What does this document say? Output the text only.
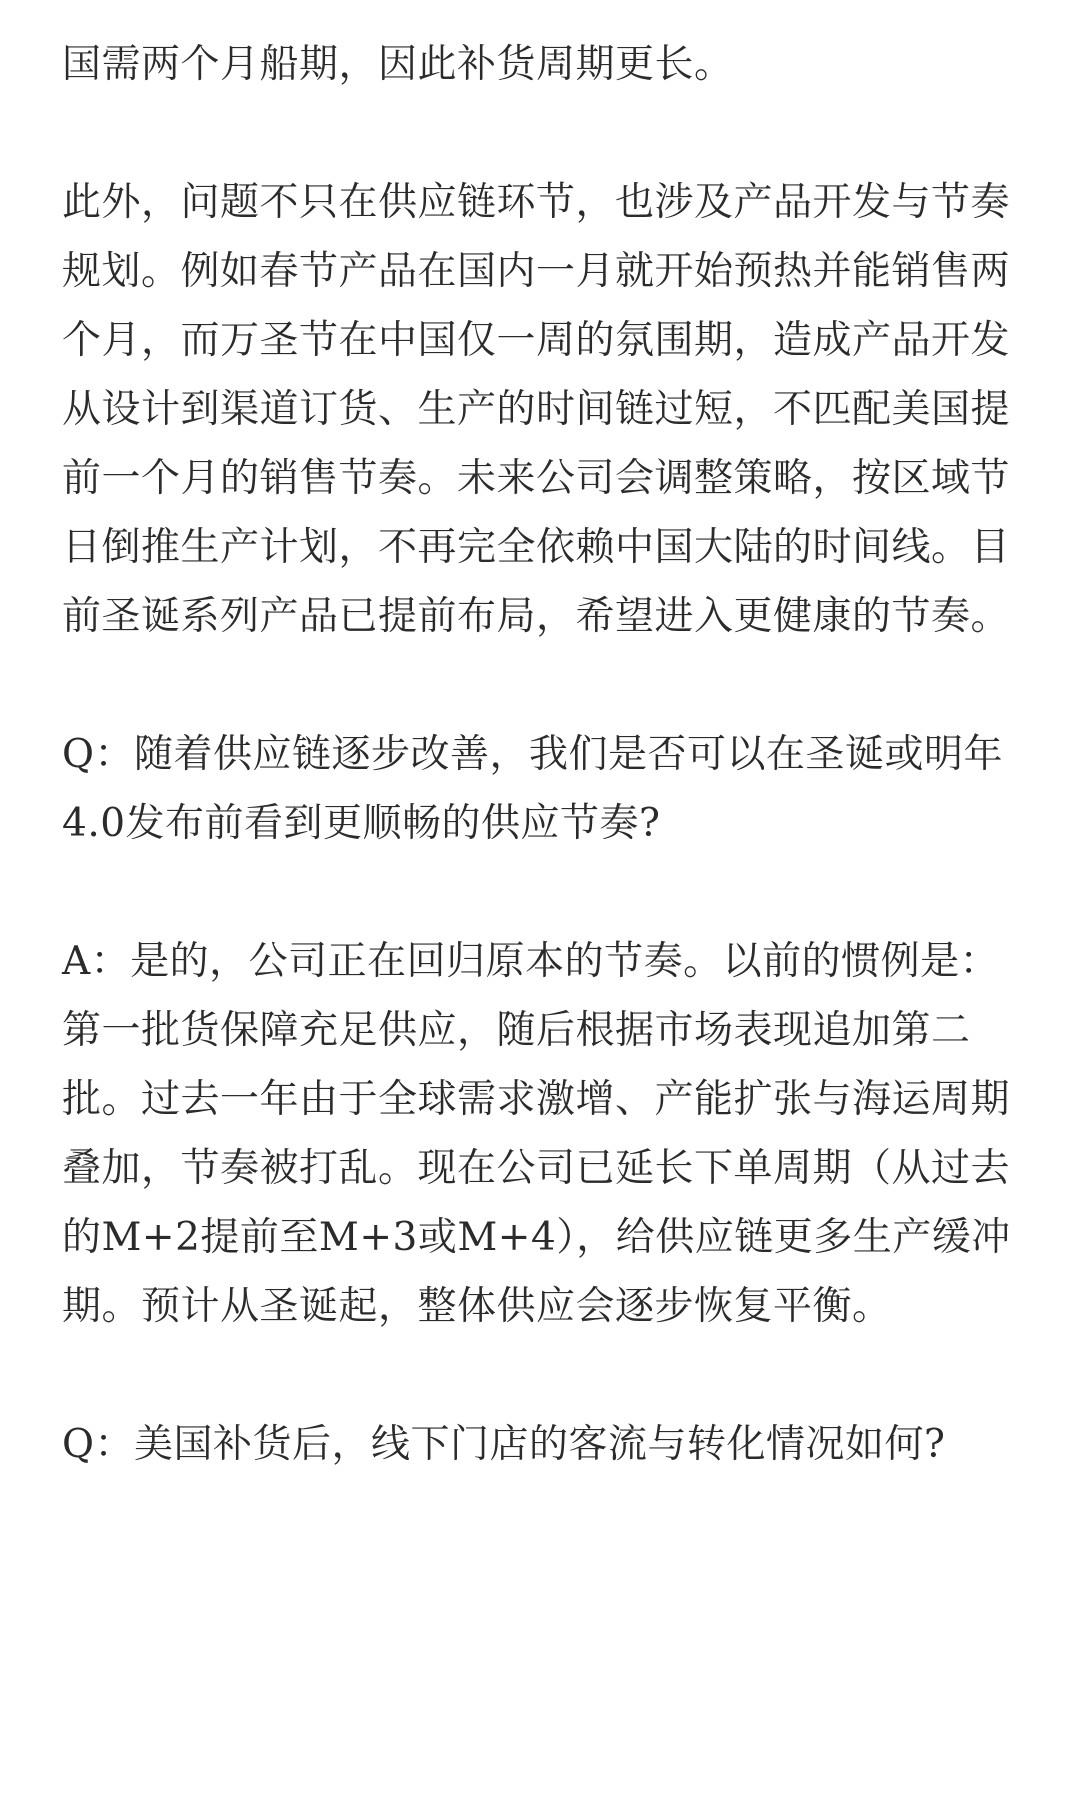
国需两个月船期，因此补货周期更长。

此外，问题不只在供应链环节，也涉及产品开发与节奏规划。例如春节产品在国内一月就开始预热并能销售两个月，而万圣节在中国仅一周的氛围期，造成产品开发从设计到渠道订货、生产的时间链过短，不匹配美国提前一个月的销售节奏。未来公司会调整策略，按区域节日倒推生产计划，不再完全依赖中国大陆的时间线。目前圣诞系列产品已提前布局，希望进入更健康的节奏。

Q：随着供应链逐步改善，我们是否可以在圣诞或明年4.0发布前看到更顺畅的供应节奏?

A：是的，公司正在回归原本的节奏。以前的惯例是：第一批货保障充足供应，随后根据市场表现追加第二批。过去一年由于全球需求激增、产能扩张与海运周期叠加，节奏被打乱。现在公司已延长下单周期（从过去的M+2提前至M+3或M+4），给供应链更多生产缓冲期。预计从圣诞起，整体供应会逐步恢复平衡。

Q：美国补货后，线下门店的客流与转化情况如何?
